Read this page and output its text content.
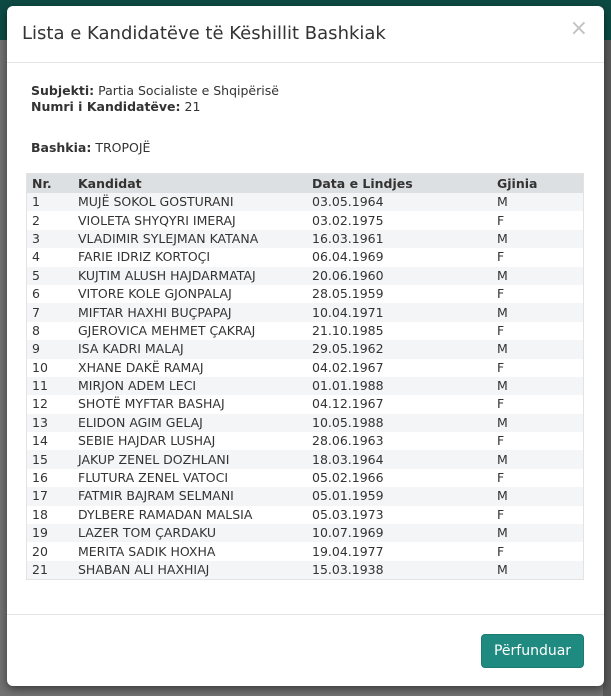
Lista e Kandidatëve të Këshillit Bashkiak	×
Subjekti: Partia Socialiste e Shqipërisë
Numri i Kandidatëve: 21
Bashkia: TROPOJË
Nr.	Kandidat	Data e Lindjes	Gjinia
1	MUJË SOKOL GOSTURANI	03.05.1964	M
2	VIOLETA SHYQYRI IMERAJ	03.02.1975	F
3	VLADIMIR SYLEJMAN KATANA	16.03.1961	M
4	FARIE IDRIZ KORTOÇI	06.04.1969	F
5	KUJTIM ALUSH HAJDARMATAJ	20.06.1960	M
6	VITORE KOLE GJONPALAJ	28.05.1959	F
7	MIFTAR HAXHI BUÇPAPAJ	10.04.1971	M
8	GJEROVICA MEHMET ÇAKRAJ	21.10.1985	F
9	ISA KADRI MALAJ	29.05.1962	M
10	XHANE DAKË RAMAJ	04.02.1967	F
11	MIRJON ADEM LECI	01.01.1988	M
12	SHOTË MYFTAR BASHAJ	04.12.1967	F
13	ELIDON AGIM GELAJ	10.05.1988	M
14	SEBIE HAJDAR LUSHAJ	28.06.1963	F
15	JAKUP ZENEL DOZHLANI	18.03.1964	M
16	FLUTURA ZENEL VATOCI	05.02.1966	F
17	FATMIR BAJRAM SELMANI	05.01.1959	M
18	DYLBERE RAMADAN MALSIA	05.03.1973	F
19	LAZER TOM ÇARDAKU	10.07.1969	M
20	MERITA SADIK HOXHA	19.04.1977	F
21	SHABAN ALI HAXHIAJ	15.03.1938	M
Përfunduar
